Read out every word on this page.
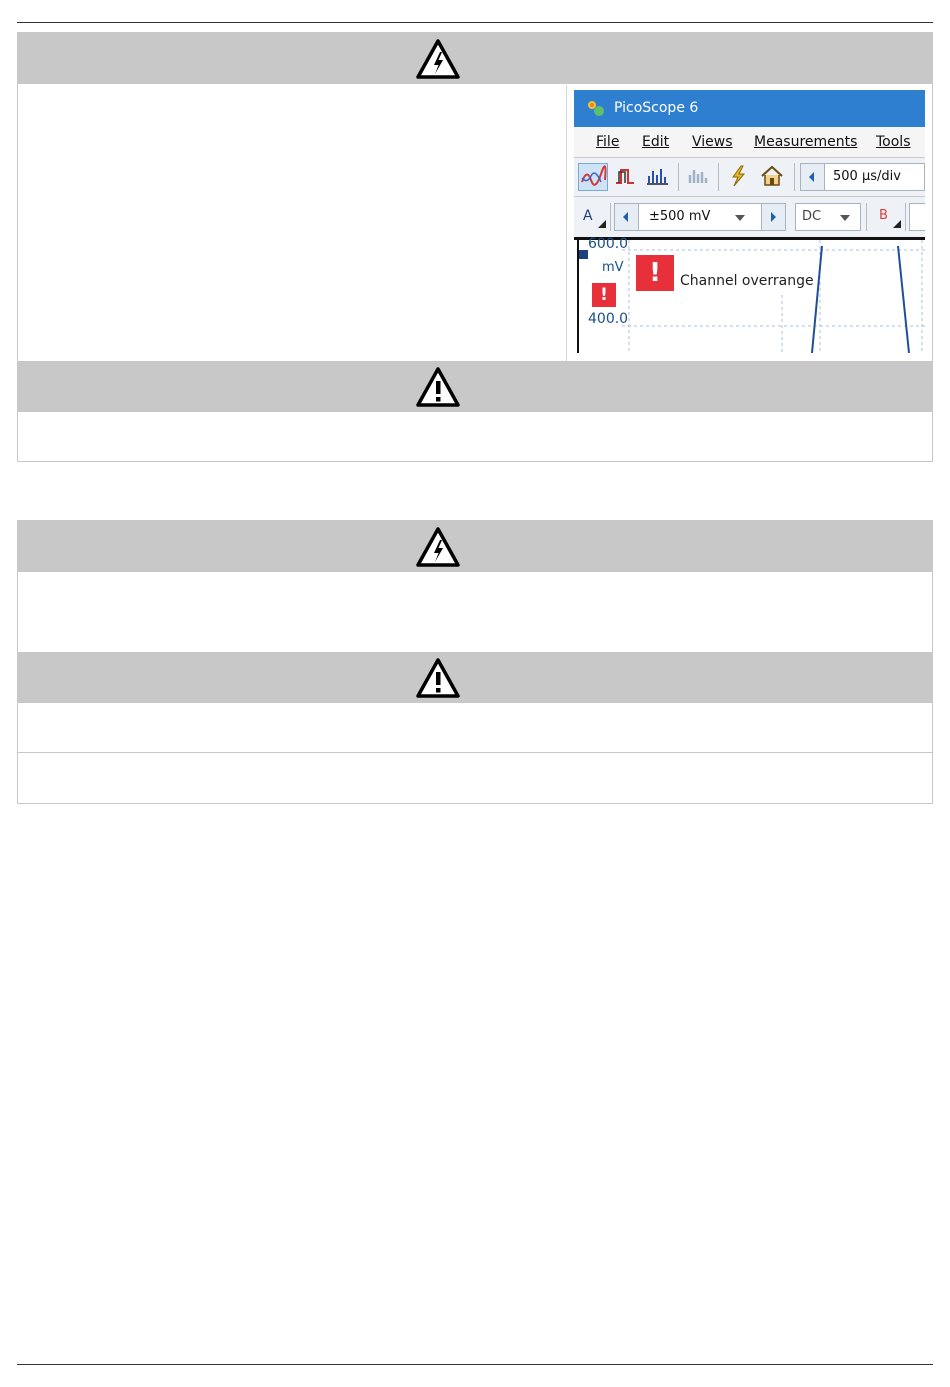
PicoScope 6
File Edit Views Measurements Tools
500 µs/div
A	±500 mV	DC	B
600.0
mV
!
400.0
!	Channel overrange
